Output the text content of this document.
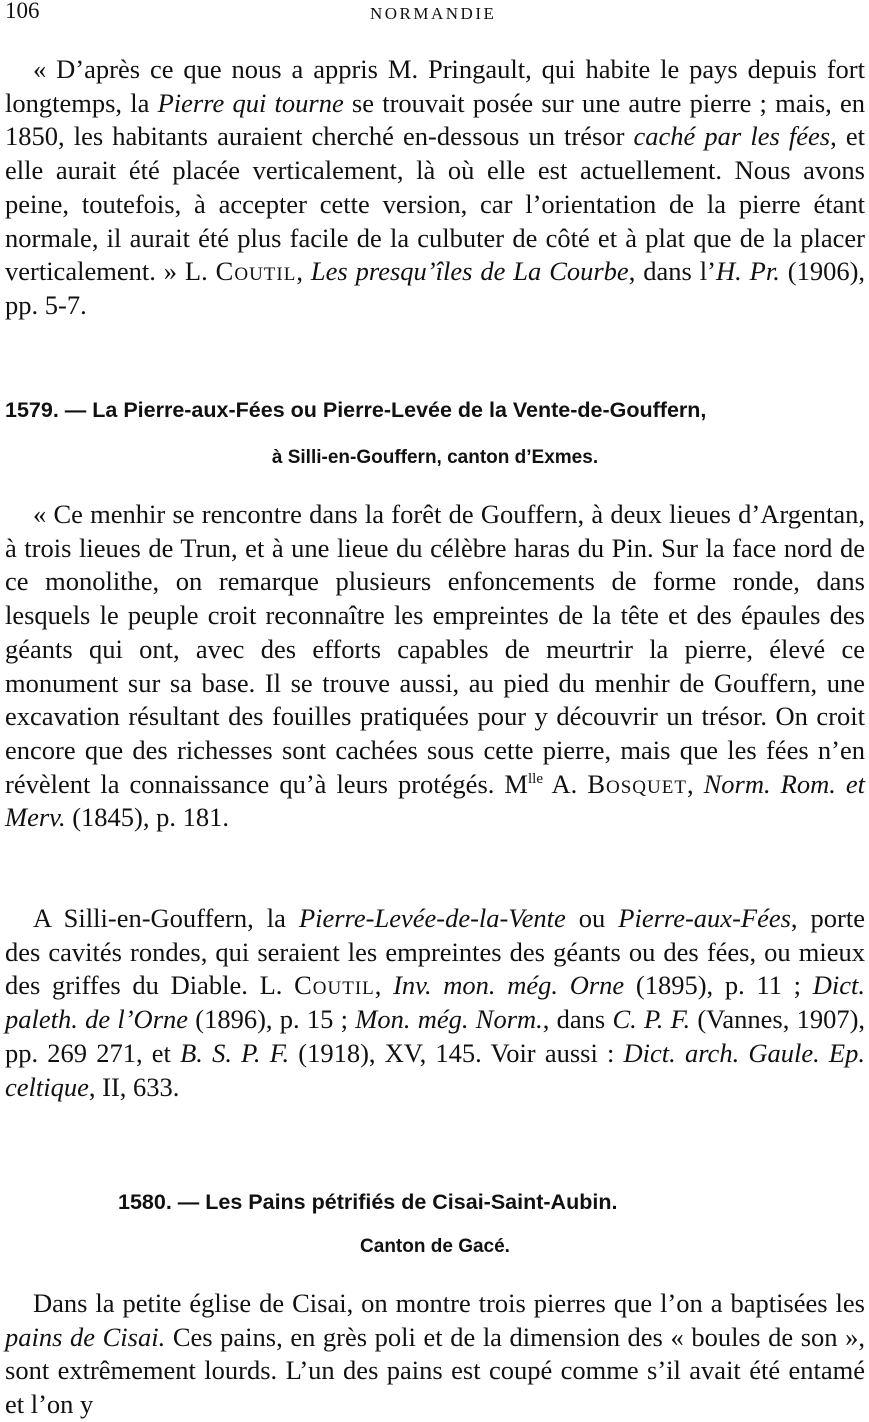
106	NORMANDIE

« D’après ce que nous a appris M. Pringault, qui habite le pays depuis fort longtemps, la Pierre qui tourne se trouvait posée sur une autre pierre ; mais, en 1850, les habitants auraient cherché en-dessous un trésor caché par les fées, et elle aurait été placée verticalement, là où elle est actuellement. Nous avons peine, toutefois, à accepter cette version, car l’orientation de la pierre étant normale, il aurait été plus facile de la culbuter de côté et à plat que de la placer verticalement. » L. Coutil, Les presqu’îles de La Courbe, dans l’H. Pr. (1906), pp. 5-7.

1579. — La Pierre-aux-Fées ou Pierre-Levée de la Vente-de-Gouffern,
à Silli-en-Gouffern, canton d’Exmes.

« Ce menhir se rencontre dans la forêt de Gouffern, à deux lieues d’Argentan, à trois lieues de Trun, et à une lieue du célèbre haras du Pin. Sur la face nord de ce monolithe, on remarque plusieurs enfoncements de forme ronde, dans lesquels le peuple croit reconnaître les empreintes de la tête et des épaules des géants qui ont, avec des efforts capables de meurtrir la pierre, élevé ce monument sur sa base. Il se trouve aussi, au pied du menhir de Gouffern, une excavation résultant des fouilles pratiquées pour y découvrir un trésor. On croit encore que des richesses sont cachées sous cette pierre, mais que les fées n’en révèlent la connaissance qu’à leurs protégés. $M^{lle}$ A. Bosquet, Norm. Rom. et Merv. (1845), p. 181.

A Silli-en-Gouffern, la Pierre-Levée-de-la-Vente ou Pierre-aux-Fées, porte des cavités rondes, qui seraient les empreintes des géants ou des fées, ou mieux des griffes du Diable. L. Coutil, Inv. mon. még. Orne (1895), p. 11 ; Dict. paleth. de l’Orne (1896), p. 15 ; Mon. még. Norm., dans C. P. F. (Vannes, 1907), pp. 269 271, et B. S. P. F. (1918), XV, 145. Voir aussi : Dict. arch. Gaule. Ep. celtique, II, 633.

1580. — Les Pains pétrifiés de Cisai-Saint-Aubin.
Canton de Gacé.

Dans la petite église de Cisai, on montre trois pierres que l’on a baptisées les pains de Cisai. Ces pains, en grès poli et de la dimension des « boules de son », sont extrêmement lourds. L’un des pains est coupé comme s’il avait été entamé et l’on y
